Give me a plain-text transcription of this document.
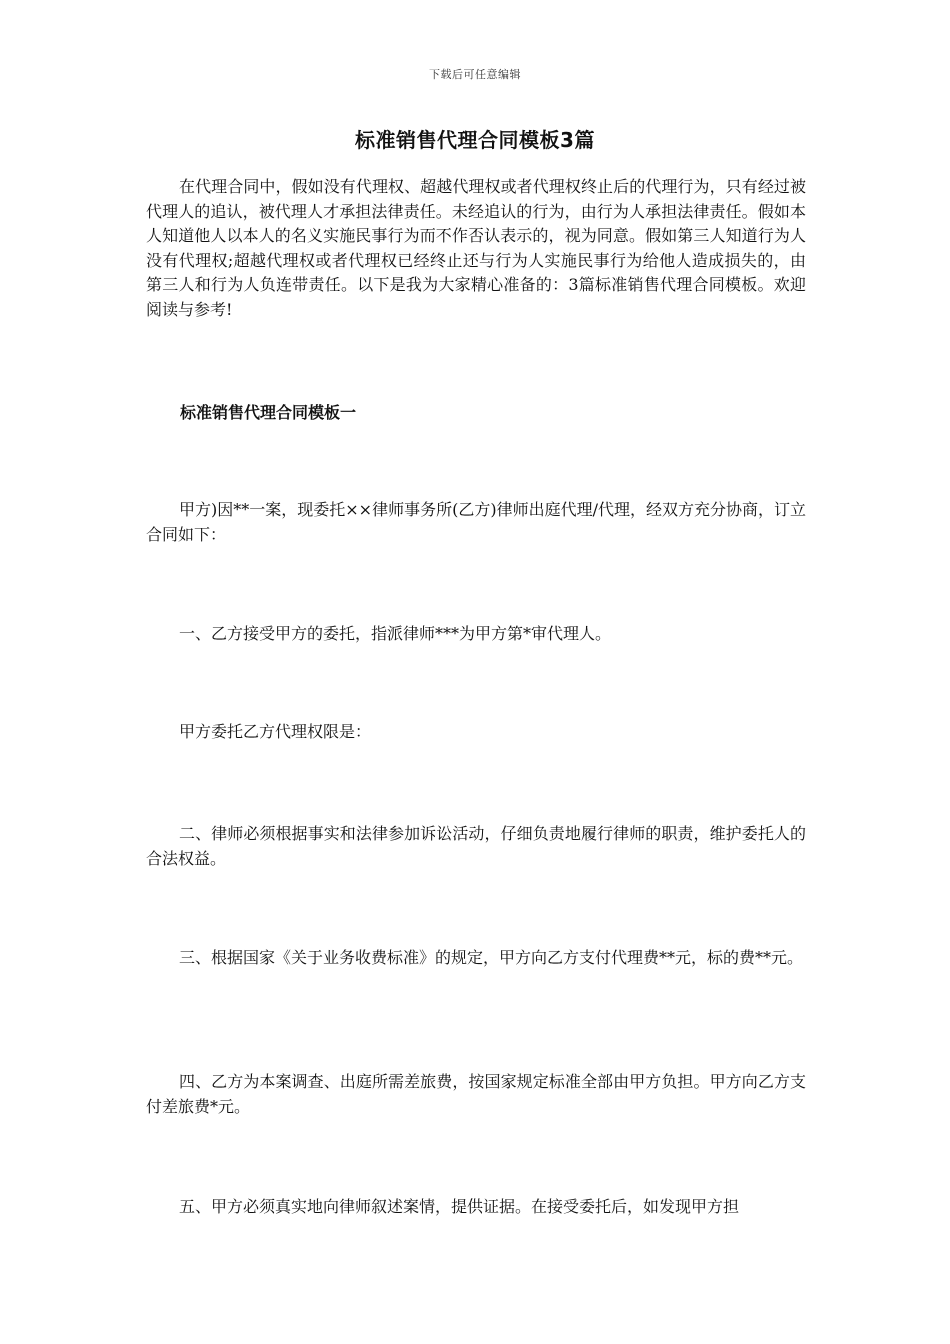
下载后可任意编辑
标准销售代理合同模板3篇

在代理合同中，假如没有代理权、超越代理权或者代理权终止后的代理行为，只有经过被代理人的追认，被代理人才承担法律责任。未经追认的行为，由行为人承担法律责任。假如本人知道他人以本人的名义实施民事行为而不作否认表示的，视为同意。假如第三人知道行为人没有代理权;超越代理权或者代理权已经终止还与行为人实施民事行为给他人造成损失的，由第三人和行为人负连带责任。以下是我为大家精心准备的：3篇标准销售代理合同模板。欢迎阅读与参考!

标准销售代理合同模板一

甲方)因**一案，现委托××律师事务所(乙方)律师出庭代理/代理，经双方充分协商，订立合同如下：

一、乙方接受甲方的委托，指派律师***为甲方第*审代理人。

甲方委托乙方代理权限是：

二、律师必须根据事实和法律参加诉讼活动，仔细负责地履行律师的职责，维护委托人的合法权益。

三、根据国家《关于业务收费标准》的规定，甲方向乙方支付代理费**元，标的费**元。

四、乙方为本案调查、出庭所需差旅费，按国家规定标准全部由甲方负担。甲方向乙方支付差旅费*元。

五、甲方必须真实地向律师叙述案情，提供证据。在接受委托后，如发现甲方担
